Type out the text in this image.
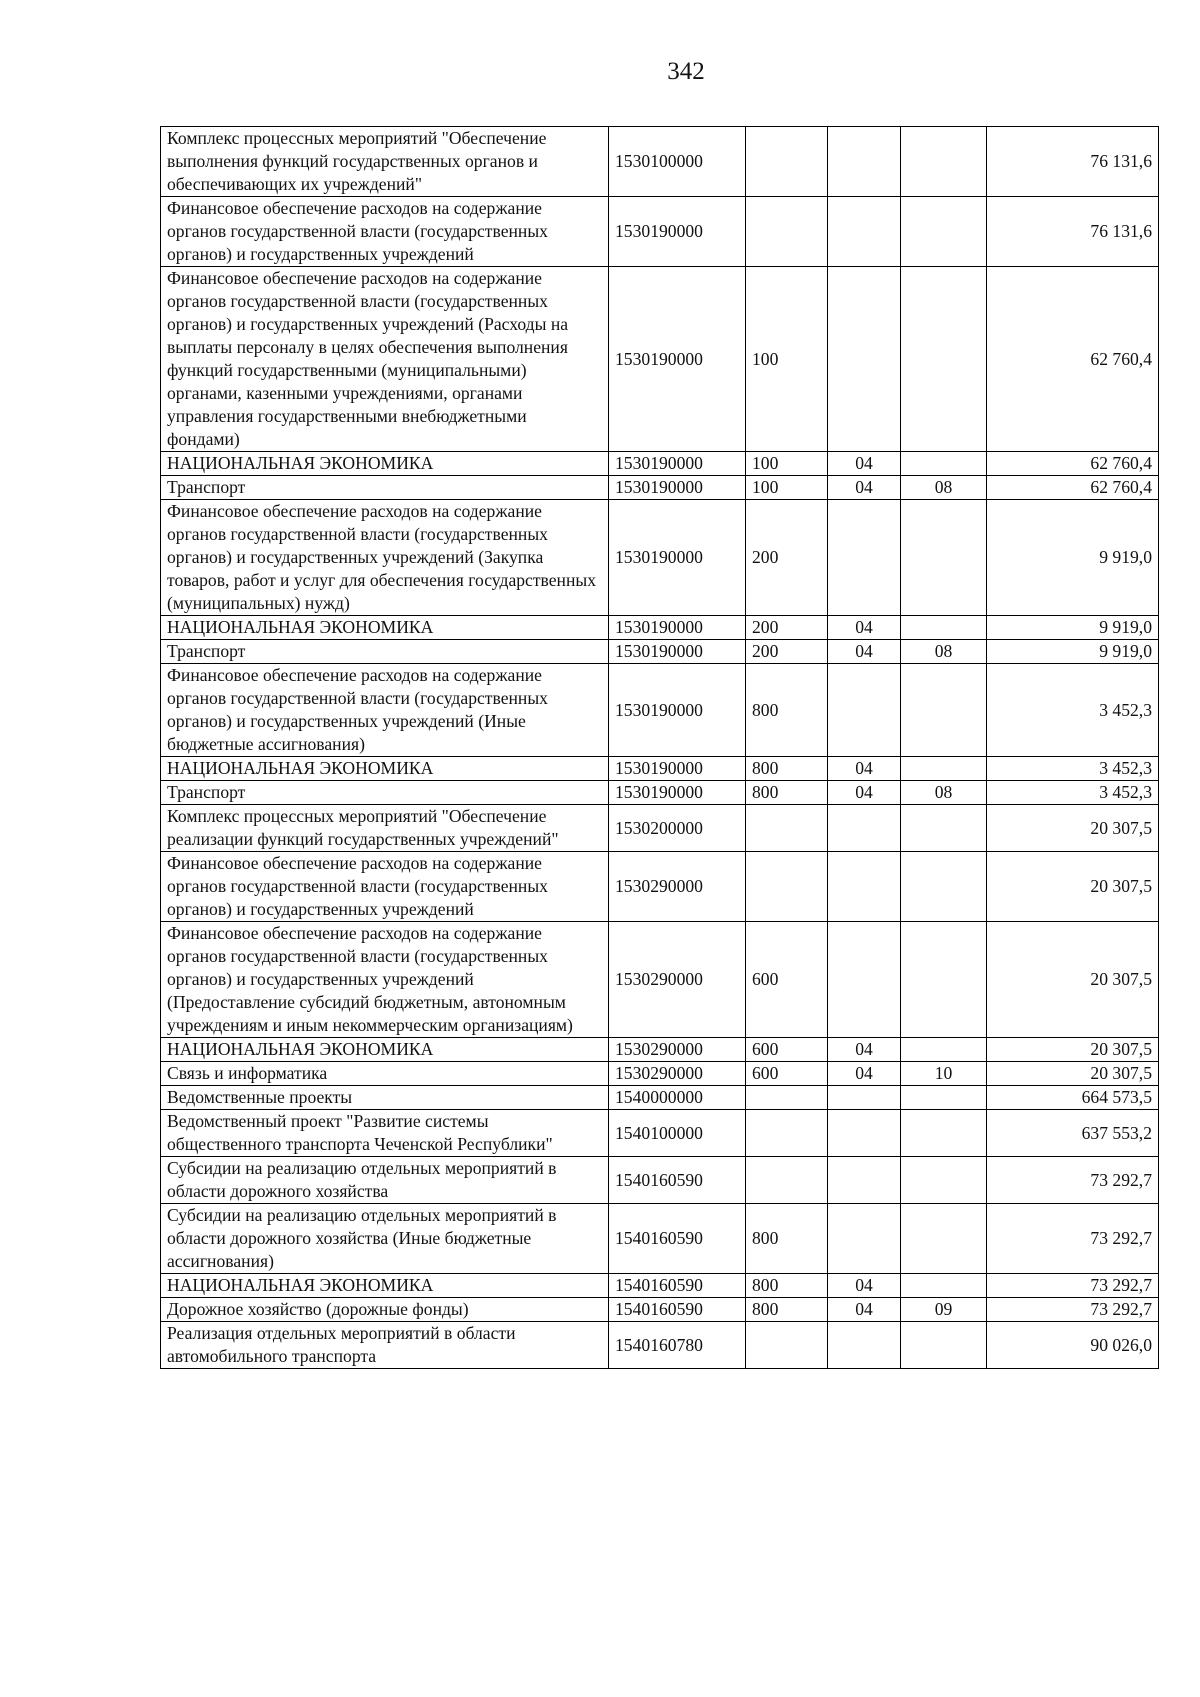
342
Комплекс процессных мероприятий "Обеспечение выполнения функций государственных органов и обеспечивающих их учреждений"	1530100000				76 131,6
Финансовое обеспечение расходов на содержание органов государственной власти (государственных органов) и государственных учреждений	1530190000				76 131,6
Финансовое обеспечение расходов на содержание органов государственной власти (государственных органов) и государственных учреждений (Расходы на выплаты персоналу в целях обеспечения выполнения функций государственными (муниципальными) органами, казенными учреждениями, органами управления государственными внебюджетными фондами)	1530190000	100			62 760,4
НАЦИОНАЛЬНАЯ ЭКОНОМИКА	1530190000	100	04		62 760,4
Транспорт	1530190000	100	04	08	62 760,4
Финансовое обеспечение расходов на содержание органов государственной власти (государственных органов) и государственных учреждений (Закупка товаров, работ и услуг для обеспечения государственных (муниципальных) нужд)	1530190000	200			9 919,0
НАЦИОНАЛЬНАЯ ЭКОНОМИКА	1530190000	200	04		9 919,0
Транспорт	1530190000	200	04	08	9 919,0
Финансовое обеспечение расходов на содержание органов государственной власти (государственных органов) и государственных учреждений (Иные бюджетные ассигнования)	1530190000	800			3 452,3
НАЦИОНАЛЬНАЯ ЭКОНОМИКА	1530190000	800	04		3 452,3
Транспорт	1530190000	800	04	08	3 452,3
Комплекс процессных мероприятий "Обеспечение реализации функций государственных учреждений"	1530200000				20 307,5
Финансовое обеспечение расходов на содержание органов государственной власти (государственных органов) и государственных учреждений	1530290000				20 307,5
Финансовое обеспечение расходов на содержание органов государственной власти (государственных органов) и государственных учреждений (Предоставление субсидий бюджетным, автономным учреждениям и иным некоммерческим организациям)	1530290000	600			20 307,5
НАЦИОНАЛЬНАЯ ЭКОНОМИКА	1530290000	600	04		20 307,5
Связь и информатика	1530290000	600	04	10	20 307,5
Ведомственные проекты	1540000000				664 573,5
Ведомственный проект "Развитие системы общественного транспорта Чеченской Республики"	1540100000				637 553,2
Субсидии на реализацию отдельных мероприятий в области дорожного хозяйства	1540160590				73 292,7
Субсидии на реализацию отдельных мероприятий в области дорожного хозяйства (Иные бюджетные ассигнования)	1540160590	800			73 292,7
НАЦИОНАЛЬНАЯ ЭКОНОМИКА	1540160590	800	04		73 292,7
Дорожное хозяйство (дорожные фонды)	1540160590	800	04	09	73 292,7
Реализация отдельных мероприятий в области автомобильного транспорта	1540160780				90 026,0
